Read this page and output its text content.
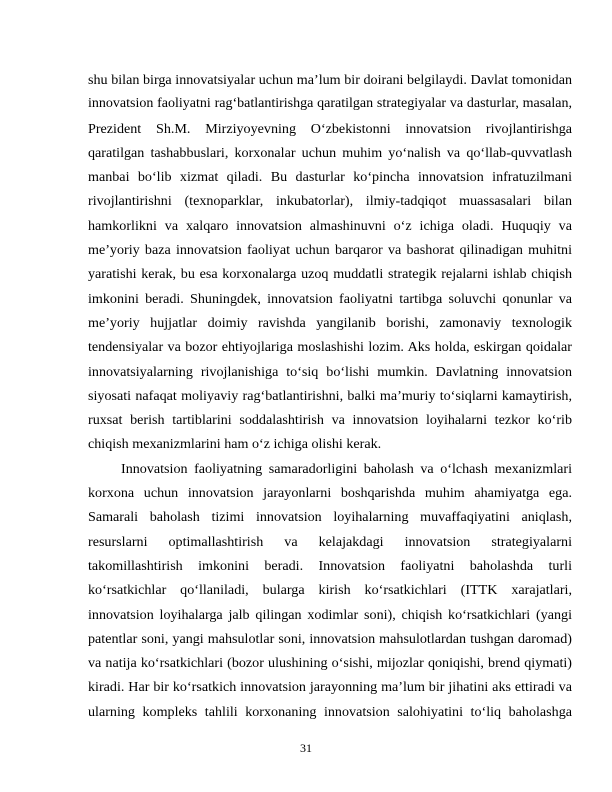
shu bilan birga innovatsiyalar uchun ma’lum bir doirani belgilaydi. Davlat tomonidan
innovatsion faoliyatni rag‘batlantirishga qaratilgan strategiyalar va dasturlar, masalan,
Prezident Sh.M. Mirziyoyevning O‘zbekistonni innovatsion rivojlantirishga
qaratilgan tashabbuslari, korxonalar uchun muhim yo‘nalish va qo‘llab-quvvatlash
manbai bo‘lib xizmat qiladi. Bu dasturlar ko‘pincha innovatsion infratuzilmani
rivojlantirishni (texnoparklar, inkubatorlar), ilmiy-tadqiqot muassasalari bilan
hamkorlikni va xalqaro innovatsion almashinuvni o‘z ichiga oladi. Huquqiy va
me’yoriy baza innovatsion faoliyat uchun barqaror va bashorat qilinadigan muhitni
yaratishi kerak, bu esa korxonalarga uzoq muddatli strategik rejalarni ishlab chiqish
imkonini beradi. Shuningdek, innovatsion faoliyatni tartibga soluvchi qonunlar va
me’yoriy hujjatlar doimiy ravishda yangilanib borishi, zamonaviy texnologik
tendensiyalar va bozor ehtiyojlariga moslashishi lozim. Aks holda, eskirgan qoidalar
innovatsiyalarning rivojlanishiga to‘siq bo‘lishi mumkin. Davlatning innovatsion
siyosati nafaqat moliyaviy rag‘batlantirishni, balki ma’muriy to‘siqlarni kamaytirish,
ruxsat berish tartiblarini soddalashtirish va innovatsion loyihalarni tezkor ko‘rib
chiqish mexanizmlarini ham o‘z ichiga olishi kerak.
Innovatsion faoliyatning samaradorligini baholash va o‘lchash mexanizmlari
korxona uchun innovatsion jarayonlarni boshqarishda muhim ahamiyatga ega.
Samarali baholash tizimi innovatsion loyihalarning muvaffaqiyatini aniqlash,
resurslarni optimallashtirish va kelajakdagi innovatsion strategiyalarni
takomillashtirish imkonini beradi. Innovatsion faoliyatni baholashda turli
ko‘rsatkichlar qo‘llaniladi, bularga kirish ko‘rsatkichlari (ITTK xarajatlari,
innovatsion loyihalarga jalb qilingan xodimlar soni), chiqish ko‘rsatkichlari (yangi
patentlar soni, yangi mahsulotlar soni, innovatsion mahsulotlardan tushgan daromad)
va natija ko‘rsatkichlari (bozor ulushining o‘sishi, mijozlar qoniqishi, brend qiymati)
kiradi. Har bir ko‘rsatkich innovatsion jarayonning ma’lum bir jihatini aks ettiradi va
ularning kompleks tahlili korxonaning innovatsion salohiyatini to‘liq baholashga
31
